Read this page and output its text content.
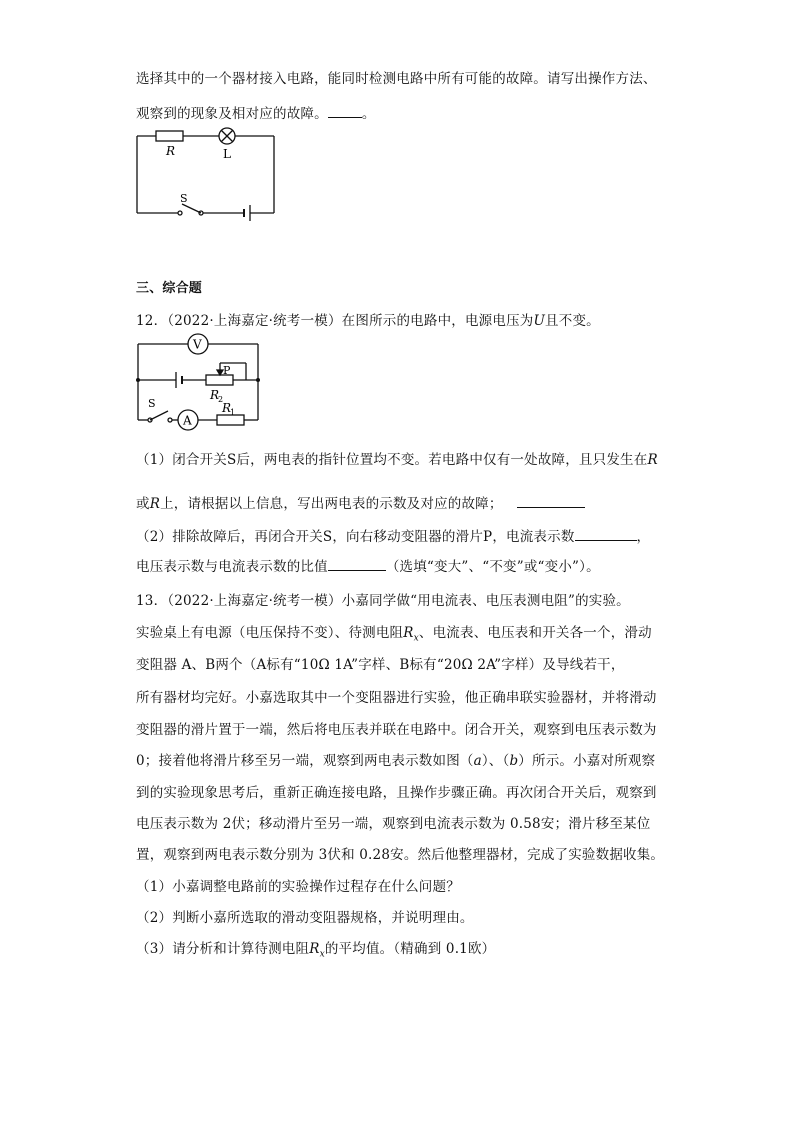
选择其中的一个器材接入电路，能同时检测电路中所有可能的故障。请写出操作方法、
观察到的现象及相对应的故障。	。
R	L
S
三、综合题
12．（2022·上海嘉定·统考一模）在图所示的电路中，电源电压为U且不变。
V
A
P
R
2
R
1
S
（1）闭合开关S后，两电表的指针位置均不变。若电路中仅有一处故障，且只发生在R
或R上，请根据以上信息，写出两电表的示数及对应的故障；
（2）排除故障后，再闭合开关S，向右移动变阻器的滑片P，电流表示数	，
电压表示数与电流表示数的比值	（选填“变大”、“不变”或“变小”）。
13．（2022·上海嘉定·统考一模）小嘉同学做“用电流表、电压表测电阻”的实验。
实验桌上有电源（电压保持不变）、待测电阻$R_x$、电流表、电压表和开关各一个，滑动
变阻器 A、B两个（A标有“10Ω 1A”字样、B标有“20Ω 2A”字样）及导线若干，
所有器材均完好。小嘉选取其中一个变阻器进行实验，他正确串联实验器材，并将滑动
变阻器的滑片置于一端，然后将电压表并联在电路中。闭合开关，观察到电压表示数为
0；接着他将滑片移至另一端，观察到两电表示数如图（a）、（b）所示。小嘉对所观察
到的实验现象思考后，重新正确连接电路，且操作步骤正确。再次闭合开关后，观察到
电压表示数为 2伏；移动滑片至另一端，观察到电流表示数为 0.58安；滑片移至某位
置，观察到两电表示数分别为 3伏和 0.28安。然后他整理器材，完成了实验数据收集。
（1）小嘉调整电路前的实验操作过程存在什么问题？
（2）判断小嘉所选取的滑动变阻器规格，并说明理由。
（3）请分析和计算待测电阻$R_x$的平均值。（精确到 0.1欧）
